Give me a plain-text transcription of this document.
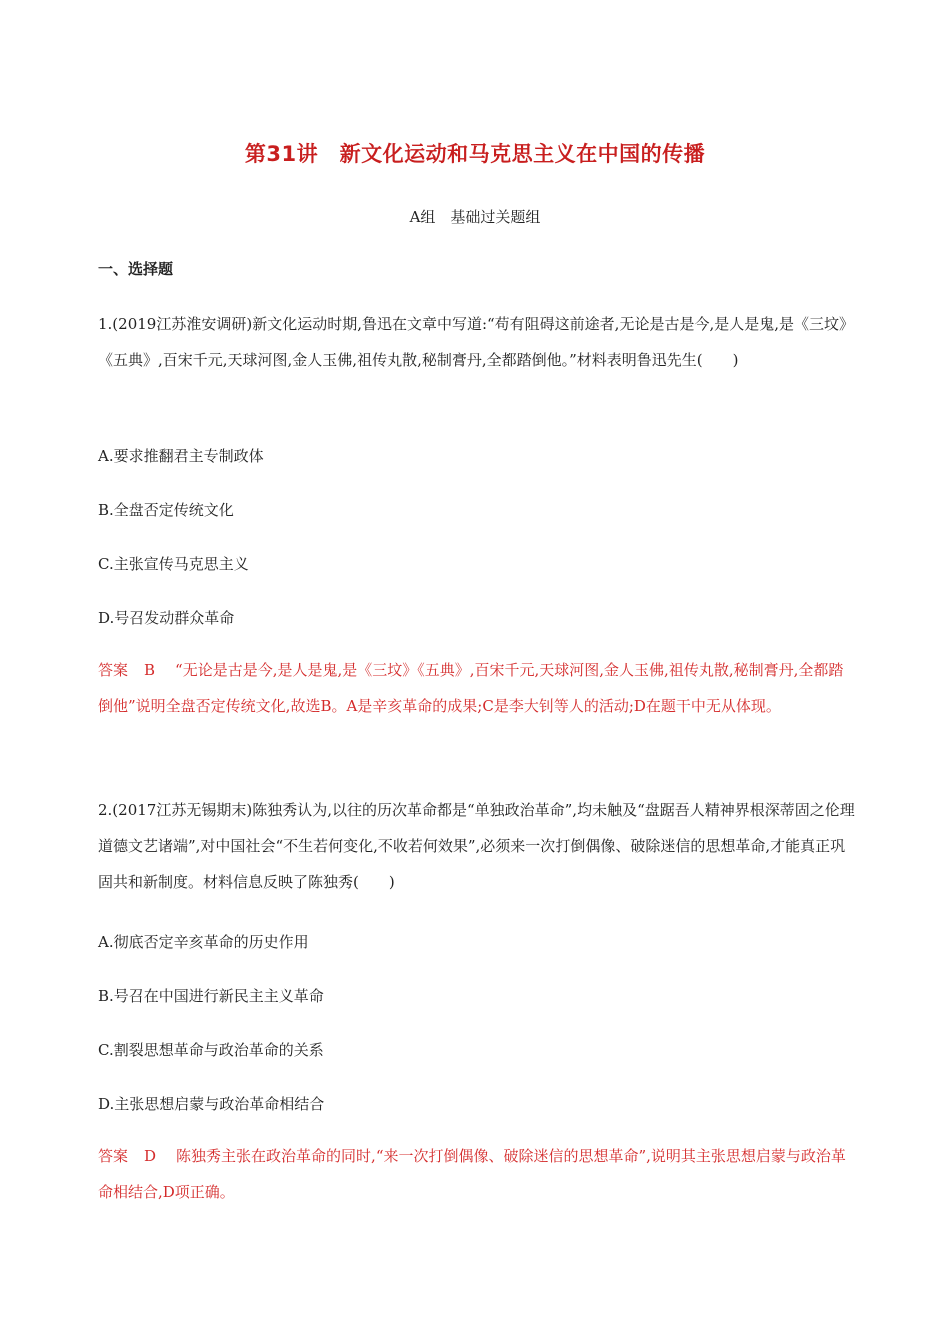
第31讲　新文化运动和马克思主义在中国的传播
A组　基础过关题组
一、选择题

1.(2019江苏淮安调研)新文化运动时期,鲁迅在文章中写道:“苟有阻碍这前途者,无论是古是今,是人是鬼,是《三坟》《五典》,百宋千元,天球河图,金人玉佛,祖传丸散,秘制膏丹,全都踏倒他。”材料表明鲁迅先生(　　)

A.要求推翻君主专制政体

B.全盘否定传统文化

C.主张宣传马克思主义

D.号召发动群众革命

答案 B “无论是古是今,是人是鬼,是《三坟》《五典》,百宋千元,天球河图,金人玉佛,祖传丸散,秘制膏丹,全都踏倒他”说明全盘否定传统文化,故选B。A是辛亥革命的成果;C是李大钊等人的活动;D在题干中无从体现。

2.(2017江苏无锡期末)陈独秀认为,以往的历次革命都是“单独政治革命”,均未触及“盘踞吾人精神界根深蒂固之伦理道德文艺诸端”,对中国社会“不生若何变化,不收若何效果”,必须来一次打倒偶像、破除迷信的思想革命,才能真正巩固共和新制度。材料信息反映了陈独秀(　　)

A.彻底否定辛亥革命的历史作用

B.号召在中国进行新民主主义革命

C.割裂思想革命与政治革命的关系

D.主张思想启蒙与政治革命相结合

答案 D 陈独秀主张在政治革命的同时,“来一次打倒偶像、破除迷信的思想革命”,说明其主张思想启蒙与政治革命相结合,D项正确。
